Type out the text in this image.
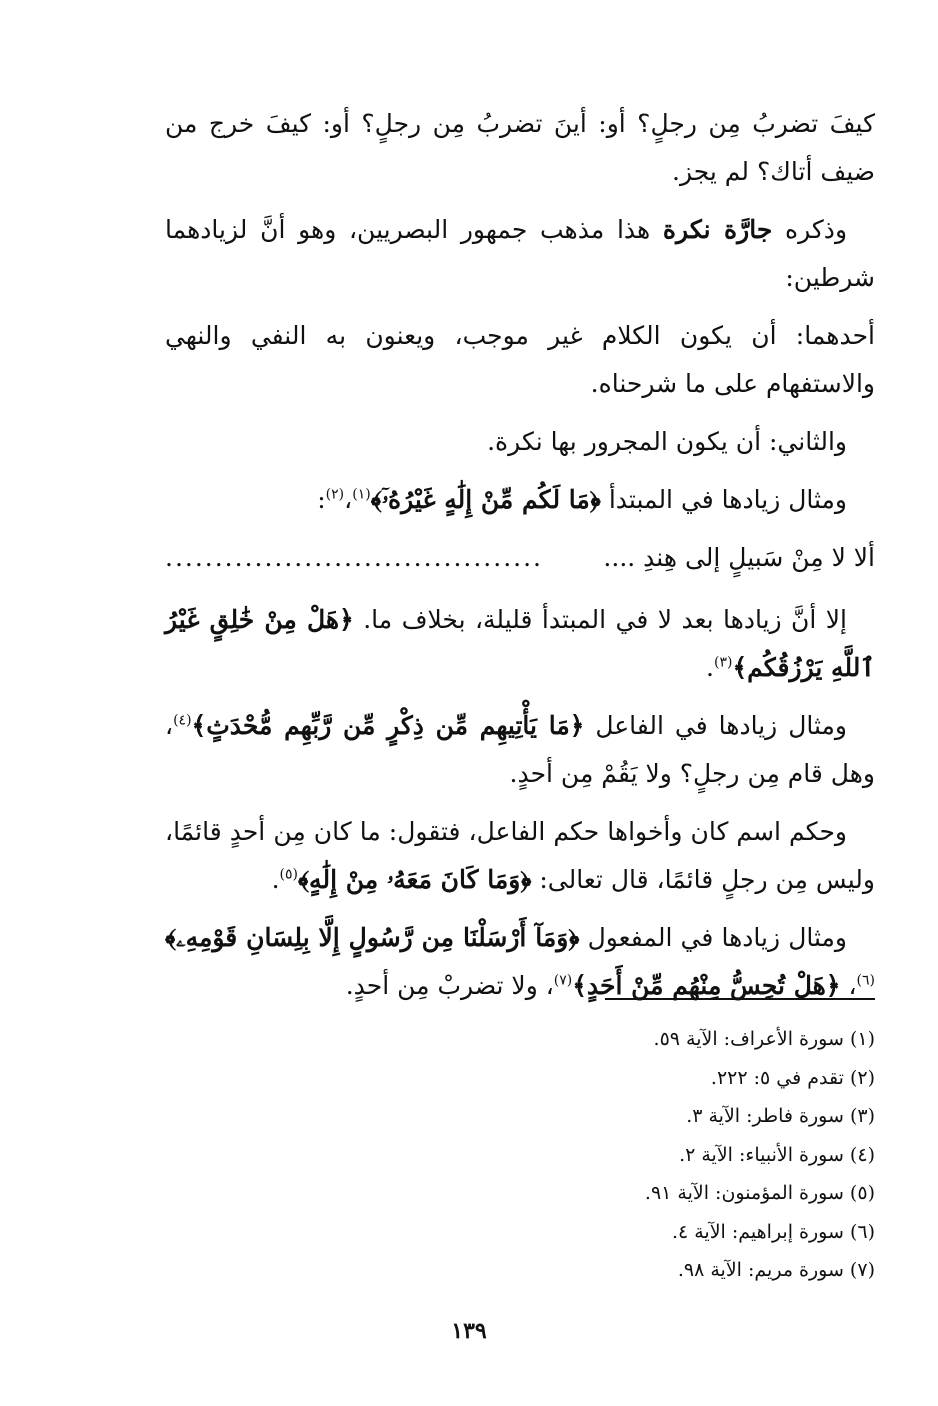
كيفَ تضربُ مِن رجلٍ؟ أو: أينَ تضربُ مِن رجلٍ؟ أو: كيفَ خرج من ضيف أتاك؟ لم يجز.

وذكره جارَّة نكرة هذا مذهب جمهور البصريين، وهو أنَّ لزيادهما شرطين:

أحدهما: أن يكون الكلام غير موجب، ويعنون به النفي والنهي والاستفهام على ما شرحناه.

والثاني: أن يكون المجرور بها نكرة.

ومثال زيادها في المبتدأ ﴿مَا لَكُم مِّنْ إِلَٰهٍ غَيْرُهُۥٓ﴾$^{(١)}$،$^{(٢)}$:

ألا لا مِنْ سَبيلٍ إلى هِندِ ....
......................................

إلا أنَّ زيادها بعد لا في المبتدأ قليلة، بخلاف ما. ﴿هَلْ مِنْ خَٰلِقٍ غَيْرُ ٱللَّهِ يَرْزُقُكُم﴾$^{(٣)}$.

ومثال زيادها في الفاعل ﴿مَا يَأْتِيهِم مِّن ذِكْرٍ مِّن رَّبِّهِم مُّحْدَثٍ﴾$^{(٤)}$، وهل قام مِن رجلٍ؟ ولا يَقُمْ مِن أحدٍ.

وحكم اسم كان وأخواها حكم الفاعل، فتقول: ما كان مِن أحدٍ قائمًا، وليس مِن رجلٍ قائمًا، قال تعالى: ﴿وَمَا كَانَ مَعَهُۥ مِنْ إِلَٰهٍ﴾$^{(٥)}$.

ومثال زيادها في المفعول ﴿وَمَآ أَرْسَلْنَا مِن رَّسُولٍ إِلَّا بِلِسَانِ قَوْمِهِۦ﴾$^{(٦)}$، ﴿هَلْ تُحِسُّ مِنْهُم مِّنْ أَحَدٍ﴾$^{(٧)}$، ولا تضربْ مِن أحدٍ.

(١) سورة الأعراف: الآية ٥٩.

(٢) تقدم في ٥: ٢٢٢.

(٣) سورة فاطر: الآية ٣.

(٤) سورة الأنبياء: الآية ٢.

(٥) سورة المؤمنون: الآية ٩١.

(٦) سورة إبراهيم: الآية ٤.

(٧) سورة مريم: الآية ٩٨.

١٣٩
